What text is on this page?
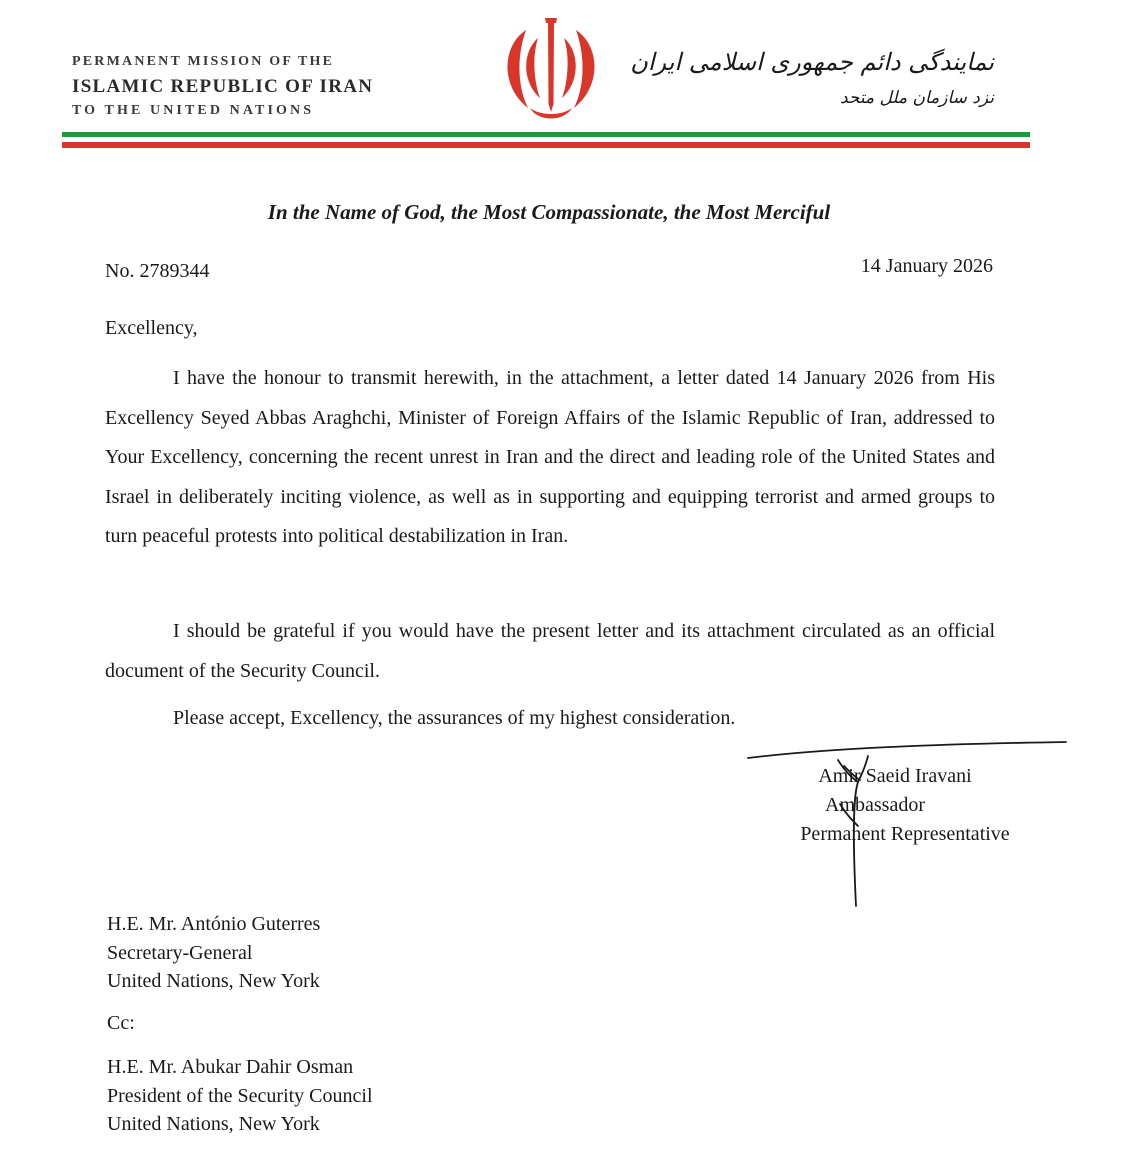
PERMANENT MISSION OF THE
ISLAMIC REPUBLIC OF IRAN
TO THE UNITED NATIONS
نمایندگی دائم جمهوری اسلامی ایران
نزد سازمان ملل متحد
In the Name of God, the Most Compassionate, the Most Merciful
No. 2789344	14 January 2026
Excellency,

I have the honour to transmit herewith, in the attachment, a letter dated 14 January 2026 from His Excellency Seyed Abbas Araghchi, Minister of Foreign Affairs of the Islamic Republic of Iran, addressed to Your Excellency, concerning the recent unrest in Iran and the direct and leading role of the United States and Israel in deliberately inciting violence, as well as in supporting and equipping terrorist and armed groups to turn peaceful protests into political destabilization in Iran.

I should be grateful if you would have the present letter and its attachment circulated as an official document of the Security Council.

Please accept, Excellency, the assurances of my highest consideration.
Amir Saeid Iravani
Ambassador
Permanent Representative
H.E. Mr. António Guterres
Secretary-General
United Nations, New York
Cc:
H.E. Mr. Abukar Dahir Osman
President of the Security Council
United Nations, New York
